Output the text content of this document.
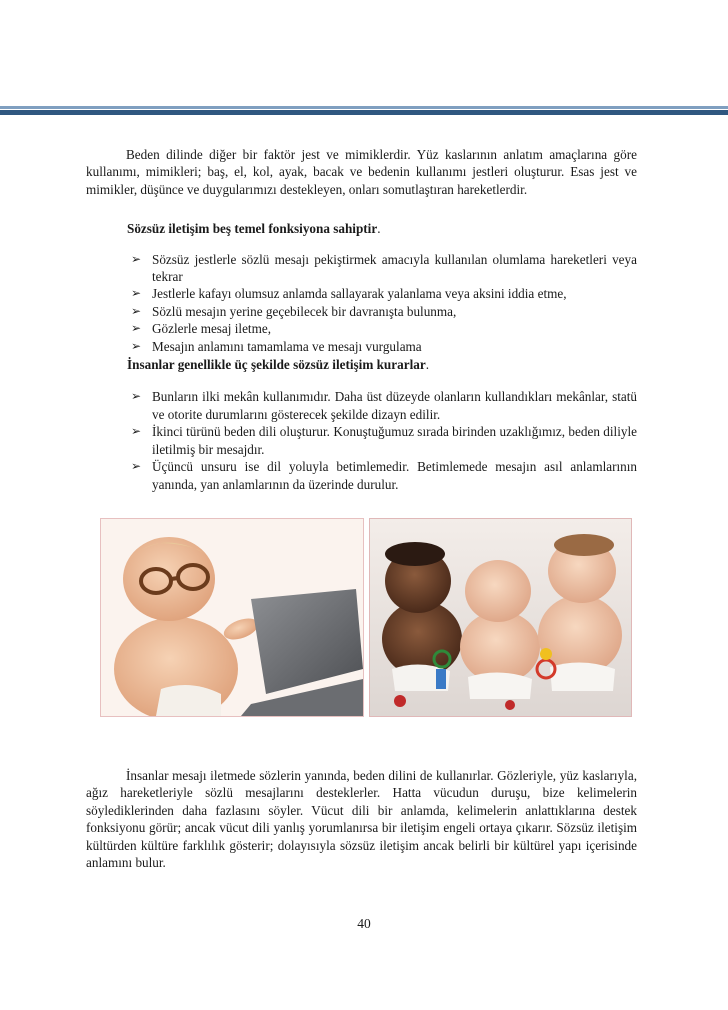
Beden dilinde diğer bir faktör jest ve mimiklerdir. Yüz kaslarının anlatım amaçlarına göre kullanımı, mimikleri; baş, el, kol, ayak, bacak ve bedenin kullanımı jestleri oluşturur. Esas jest ve mimikler, düşünce ve duygularımızı destekleyen, onları somutlaştıran hareketlerdir.

Sözsüz iletişim beş temel fonksiyona sahiptir.

➢ Sözsüz jestlerle sözlü mesajı pekiştirmek amacıyla kullanılan olumlama hareketleri veya tekrar
➢ Jestlerle kafayı olumsuz anlamda sallayarak yalanlama veya aksini iddia etme,
➢ Sözlü mesajın yerine geçebilecek bir davranışta bulunma,
➢ Gözlerle mesaj iletme,
➢ Mesajın anlamını tamamlama ve mesajı vurgulama

İnsanlar genellikle üç şekilde sözsüz iletişim kurarlar.

➢ Bunların ilki mekân kullanımıdır. Daha üst düzeyde olanların kullandıkları mekânlar, statü ve otorite durumlarını gösterecek şekilde dizayn edilir.
➢ İkinci türünü beden dili oluşturur. Konuştuğumuz sırada birinden uzaklığımız, beden diliyle iletilmiş bir mesajdır.
➢ Üçüncü unsuru ise dil yoluyla betimlemedir. Betimlemede mesajın asıl anlamlarının yanında, yan anlamlarının da üzerinde durulur.

İnsanlar mesajı iletmede sözlerin yanında, beden dilini de kullanırlar. Gözleriyle, yüz kaslarıyla, ağız hareketleriyle sözlü mesajlarını desteklerler. Hatta vücudun duruşu, bize kelimelerin söylediklerinden daha fazlasını söyler. Vücut dili bir anlamda, kelimelerin anlattıklarına destek fonksiyonu görür; ancak vücut dili yanlış yorumlanırsa bir iletişim engeli ortaya çıkarır. Sözsüz iletişim kültürden kültüre farklılık gösterir; dolayısıyla sözsüz iletişim ancak belirli bir kültürel yapı içerisinde anlamını bulur.

40
